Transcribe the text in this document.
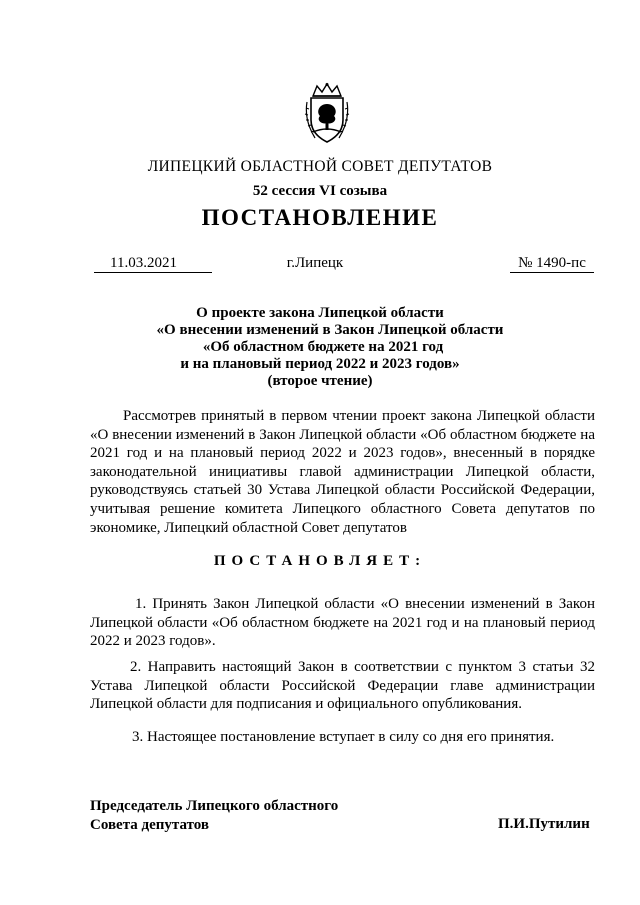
ЛИПЕЦКИЙ ОБЛАСТНОЙ СОВЕТ ДЕПУТАТОВ
52 сессия VI созыва
ПОСТАНОВЛЕНИЕ
11.03.2021	г.Липецк	№ 1490-пс
О проекте закона Липецкой области
«О внесении изменений в Закон Липецкой области
«Об областном бюджете на 2021 год
и на плановый период 2022 и 2023 годов»
(второе чтение)
Рассмотрев принятый в первом чтении проект закона Липецкой области «О внесении изменений в Закон Липецкой области «Об областном бюджете на 2021 год и на плановый период 2022 и 2023 годов», внесенный в порядке законодательной инициативы главой администрации Липецкой области, руководствуясь статьей 30 Устава Липецкой области Российской Федерации, учитывая решение комитета Липецкого областного Совета депутатов по экономике, Липецкий областной Совет депутатов
ПОСТАНОВЛЯЕТ:
1. Принять Закон Липецкой области «О внесении изменений в Закон Липецкой области «Об областном бюджете на 2021 год и на плановый период 2022 и 2023 годов».
2. Направить настоящий Закон в соответствии с пунктом 3 статьи 32 Устава Липецкой области Российской Федерации главе администрации Липецкой области для подписания и официального опубликования.
3. Настоящее постановление вступает в силу со дня его принятия.
Председатель Липецкого областного
Совета депутатов	П.И.Путилин
